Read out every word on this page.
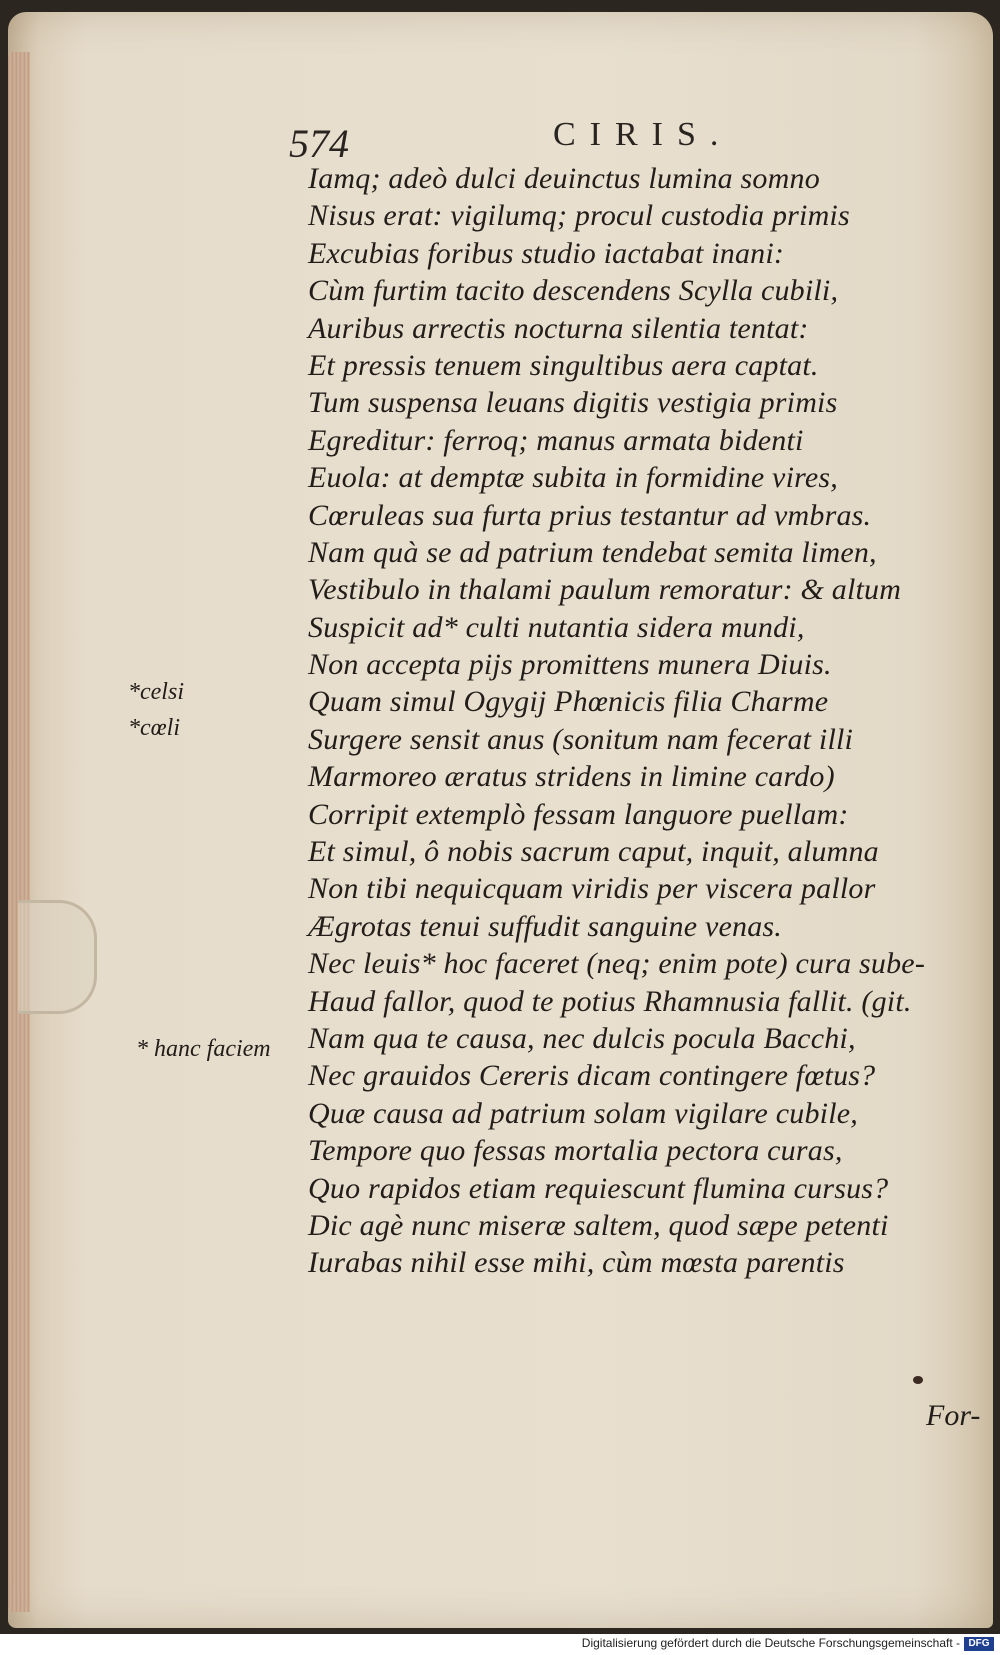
574	CIRIS.
Iamq; adeò dulci deuinctus lumina somno
Nisus erat: vigilumq; procul custodia primis
Excubias foribus studio iactabat inani:
Cùm furtim tacito descendens Scylla cubili,
Auribus arrectis nocturna silentia tentat:
Et pressis tenuem singultibus aera captat.
Tum suspensa leuans digitis vestigia primis
Egreditur: ferroq; manus armata bidenti
Euola: at demptæ subita in formidine vires,
Cœruleas sua furta prius testantur ad vmbras.
Nam quà se ad patrium tendebat semita limen,
Vestibulo in thalami paulum remoratur: & altum
Suspicit ad* culti nutantia sidera mundi,
Non accepta pijs promittens munera Diuis.
Quam simul Ogygij Phœnicis filia Charme
Surgere sensit anus (sonitum nam fecerat illi
Marmoreo æratus stridens in limine cardo)
Corripit extemplò fessam languore puellam:
Et simul, ô nobis sacrum caput, inquit, alumna
Non tibi nequicquam viridis per viscera pallor
Ægrotas tenui suffudit sanguine venas.
Nec leuis* hoc faceret (neq; enim pote) cura sube-
Haud fallor, quod te potius Rhamnusia fallit. (git.
Nam qua te causa, nec dulcis pocula Bacchi,
Nec grauidos Cereris dicam contingere fœtus?
Quæ causa ad patrium solam vigilare cubile,
Tempore quo fessas mortalia pectora curas,
Quo rapidos etiam requiescunt flumina cursus?
Dic agè nunc miseræ saltem, quod sæpe petenti
Iurabas nihil esse mihi, cùm mœsta parentis
*celsi
*cœli
* hanc faciem
For-
Digitalisierung gefördert durch die Deutsche Forschungsgemeinschaft - DFG
